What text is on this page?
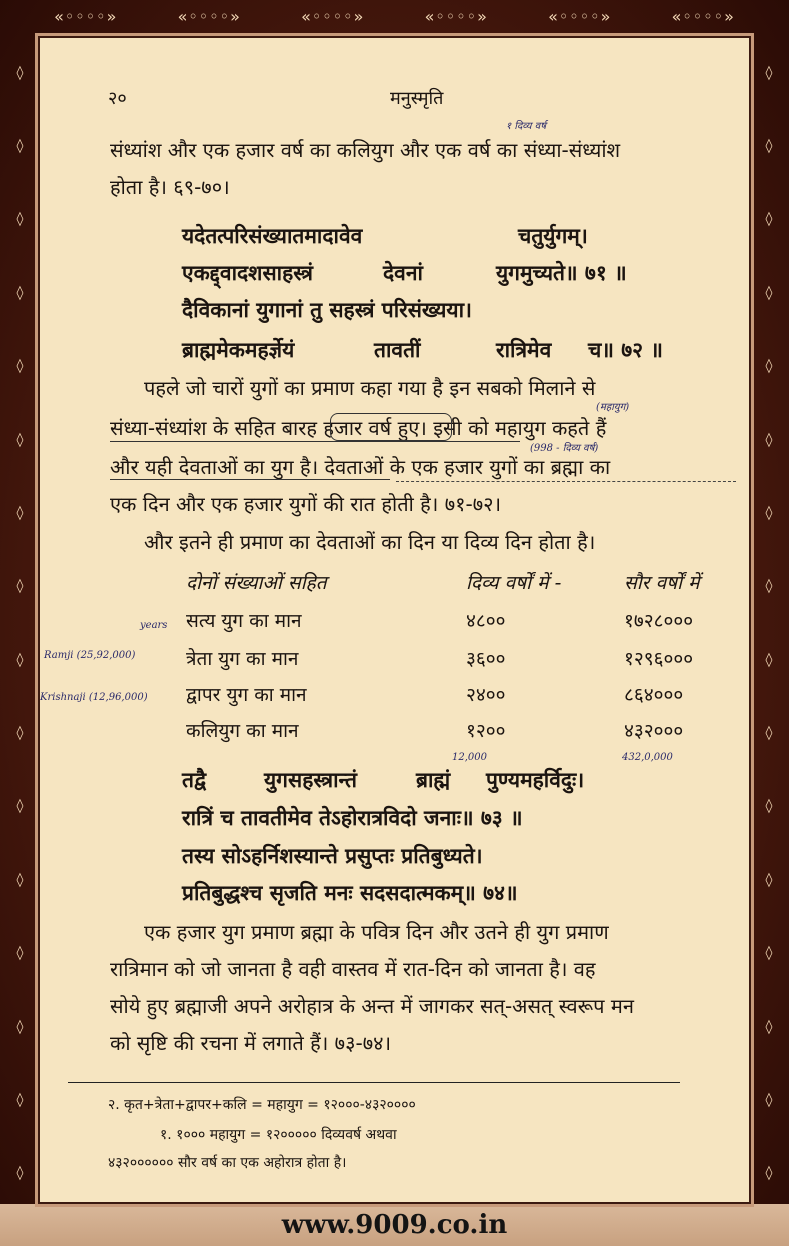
«◦◦◦◦»	«◦◦◦◦»	«◦◦◦◦»	«◦◦◦◦»	«◦◦◦◦»	«◦◦◦◦»
◊
◊
◊
◊
◊
◊
◊
◊
◊
◊
◊
◊
◊
◊
◊
◊
◊
◊
◊
◊
◊
◊
◊
◊
◊
◊
◊
◊
◊
◊
◊
◊
२०	मनुस्मृति
संध्यांश और एक हजार वर्ष का कलियुग और एक वर्ष का संध्या-संध्यांश
होता है। ६९-७०।
१ दिव्य वर्ष
यदेतत्परिसंख्यातमादावेव	चतुर्युगम्।
एकद्द्वादशसाहस्त्रं	देवनां	युगमुच्यते॥ ७१ ॥
दैविकानां युगानां तु सहस्त्रं परिसंख्यया।
ब्राह्ममेकमहर्ज्ञेयं	तावतीं	रात्रिमेव च॥ ७२ ॥
पहले जो चारों युगों का प्रमाण कहा गया है इन सबको मिलाने से
संध्या-संध्यांश के सहित बारह हजार वर्ष हुए। इसी को महायुग कहते हैं
और यही देवताओं का युग है। देवताओं के एक हजार युगों का ब्रह्मा का
एक दिन और एक हजार युगों की रात होती है। ७१-७२।
(महायुग)
(998 - दिव्य वर्ष)
और इतने ही प्रमाण का देवताओं का दिन या दिव्य दिन होता है।
दोनों संख्याओं सहित	दिव्य वर्षों में -	सौर वर्षों में
सत्य युग का मान	४८००	१७२८०००
त्रेता युग का मान	३६००	१२९६०००
द्वापर युग का मान	२४००	८६४०००
कलियुग का मान	१२००	४३२०००
years
Ramji (25,92,000)
Krishnaji (12,96,000)
तद्वै	युगसहस्त्रान्तं	ब्राह्मं पुण्यमहर्विदुः।
12,000	432,0,000
रात्रिं च तावतीमेव तेऽहोरात्रविदो जनाः॥ ७३ ॥
तस्य सोऽहर्निशस्यान्ते प्रसुप्तः प्रतिबुध्यते।
प्रतिबुद्धश्च सृजति मनः सदसदात्मकम्॥ ७४॥
एक हजार युग प्रमाण ब्रह्मा के पवित्र दिन और उतने ही युग प्रमाण
रात्रिमान को जो जानता है वही वास्तव में रात-दिन को जानता है। वह
सोये हुए ब्रह्माजी अपने अरोहात्र के अन्त में जागकर सत्-असत् स्वरूप मन
को सृष्टि की रचना में लगाते हैं। ७३-७४।
२. कृत+त्रेता+द्वापर+कलि = महायुग = १२०००-४३२००००
१. १००० महायुग = १२००००० दिव्यवर्ष अथवा
४३२०००००० सौर वर्ष का एक अहोरात्र होता है।
www.9009.co.in
